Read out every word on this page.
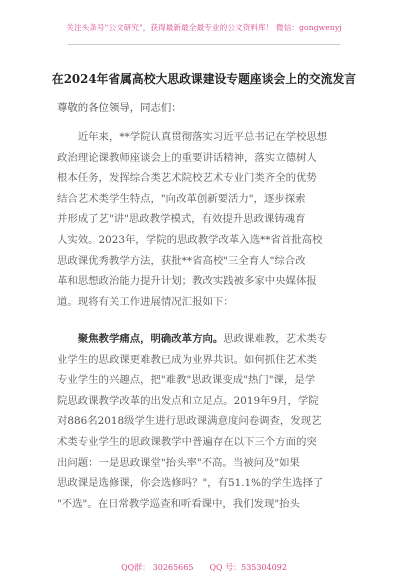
关注头条号"公文研究"，获得最新最全最专业的公文资料库！ 微信：gongwenyj
在2024年省属高校大思政课建设专题座谈会上的交流发言
尊敬的各位领导，同志们：
　　近年来，**学院认真贯彻落实习近平总书记在学校思想
政治理论课教师座谈会上的重要讲话精神，落实立德树人
根本任务，发挥综合类艺术院校艺术专业门类齐全的优势
结合艺术类学生特点，"向改革创新要活力"，逐步探索
并形成了艺"讲"思政教学模式，有效提升思政课铸魂育
人实效。2023年，学院的思政教学改革入选**省首批高校
思政课优秀教学方法，获批**省高校"三全育人"综合改
革和思想政治能力提升计划；教改实践被多家中央媒体报
道。现将有关工作进展情况汇报如下：
　　聚焦教学痛点，明确改革方向。思政课难教，艺术类专
业学生的思政课更难教已成为业界共识。如何抓住艺术类
专业学生的兴趣点，把"难教"思政课变成"热门"课，是学
院思政课教学改革的出发点和立足点。2019年9月，学院
对886名2018级学生进行思政课满意度问卷调查，发现艺
术类专业学生的思政课教学中普遍存在以下三个方面的突
出问题：一是思政课堂"抬头率"不高。当被问及"如果
思政课是选修课，你会选修吗？"，有51.1%的学生选择了
"不选"。在日常教学巡查和听看课中，我们发现"抬头
QQ群： 30265665　　QQ 号：535304092
